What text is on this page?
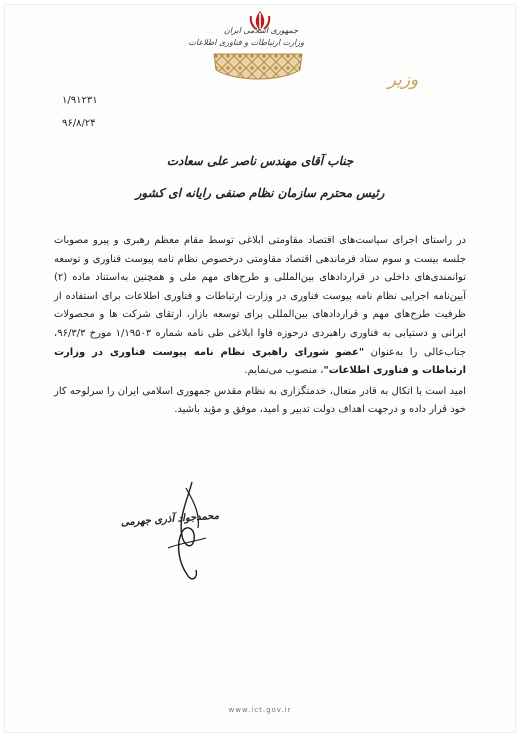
جمهوری اسلامی ایران
وزارت ارتباطات و فناوری اطلاعات
وزیر
۱/۹۱۲۳۱
۹۶/۸/۲۴
جناب آقای مهندس ناصر علی سعادت
رئیس محترم سازمان نظام صنفی رایانه ای کشور

در راستای اجرای سیاست‌های اقتصاد مقاومتی ابلاغی توسط مقام معظم رهبری و پیرو مصوبات جلسه بیست و سوم ستاد فرماندهی اقتصاد مقاومتی درخصوص نظام نامه پیوست فناوری و توسعه توانمندی‌های داخلی در قراردادهای بین‌المللی و طرح‌های مهم ملی و همچنین به‌استناد ماده (۲) آیین‌نامه اجرایی نظام نامه پیوست فناوری در وزارت ارتباطات و فناوری اطلاعات برای استفاده از ظرفیت طرح‌های مهم و قراردادهای بین‌المللی برای توسعه بازار، ارتقای شرکت ها و محصولات ایرانی و دستیابی به فناوری راهبردی درحوزه فاوا ابلاغی طی نامه شماره ۱/۱۹۵۰۳ مورخ ۹۶/۳/۳، جناب‌عالی را به‌عنوان "عضو شورای راهبری نظام نامه پیوست فناوری در وزارت ارتباطات و فناوری اطلاعات"، منصوب می‌نمایم.

امید است با اتکال به قادر متعال، خدمتگزاری به نظام مقدس جمهوری اسلامی ایران را سرلوحه کار خود قرار داده و درجهت اهداف دولت تدبیر و امید، موفق و مؤید باشید.

محمدجواد آذری جهرمی
www.ict.gov.ir
